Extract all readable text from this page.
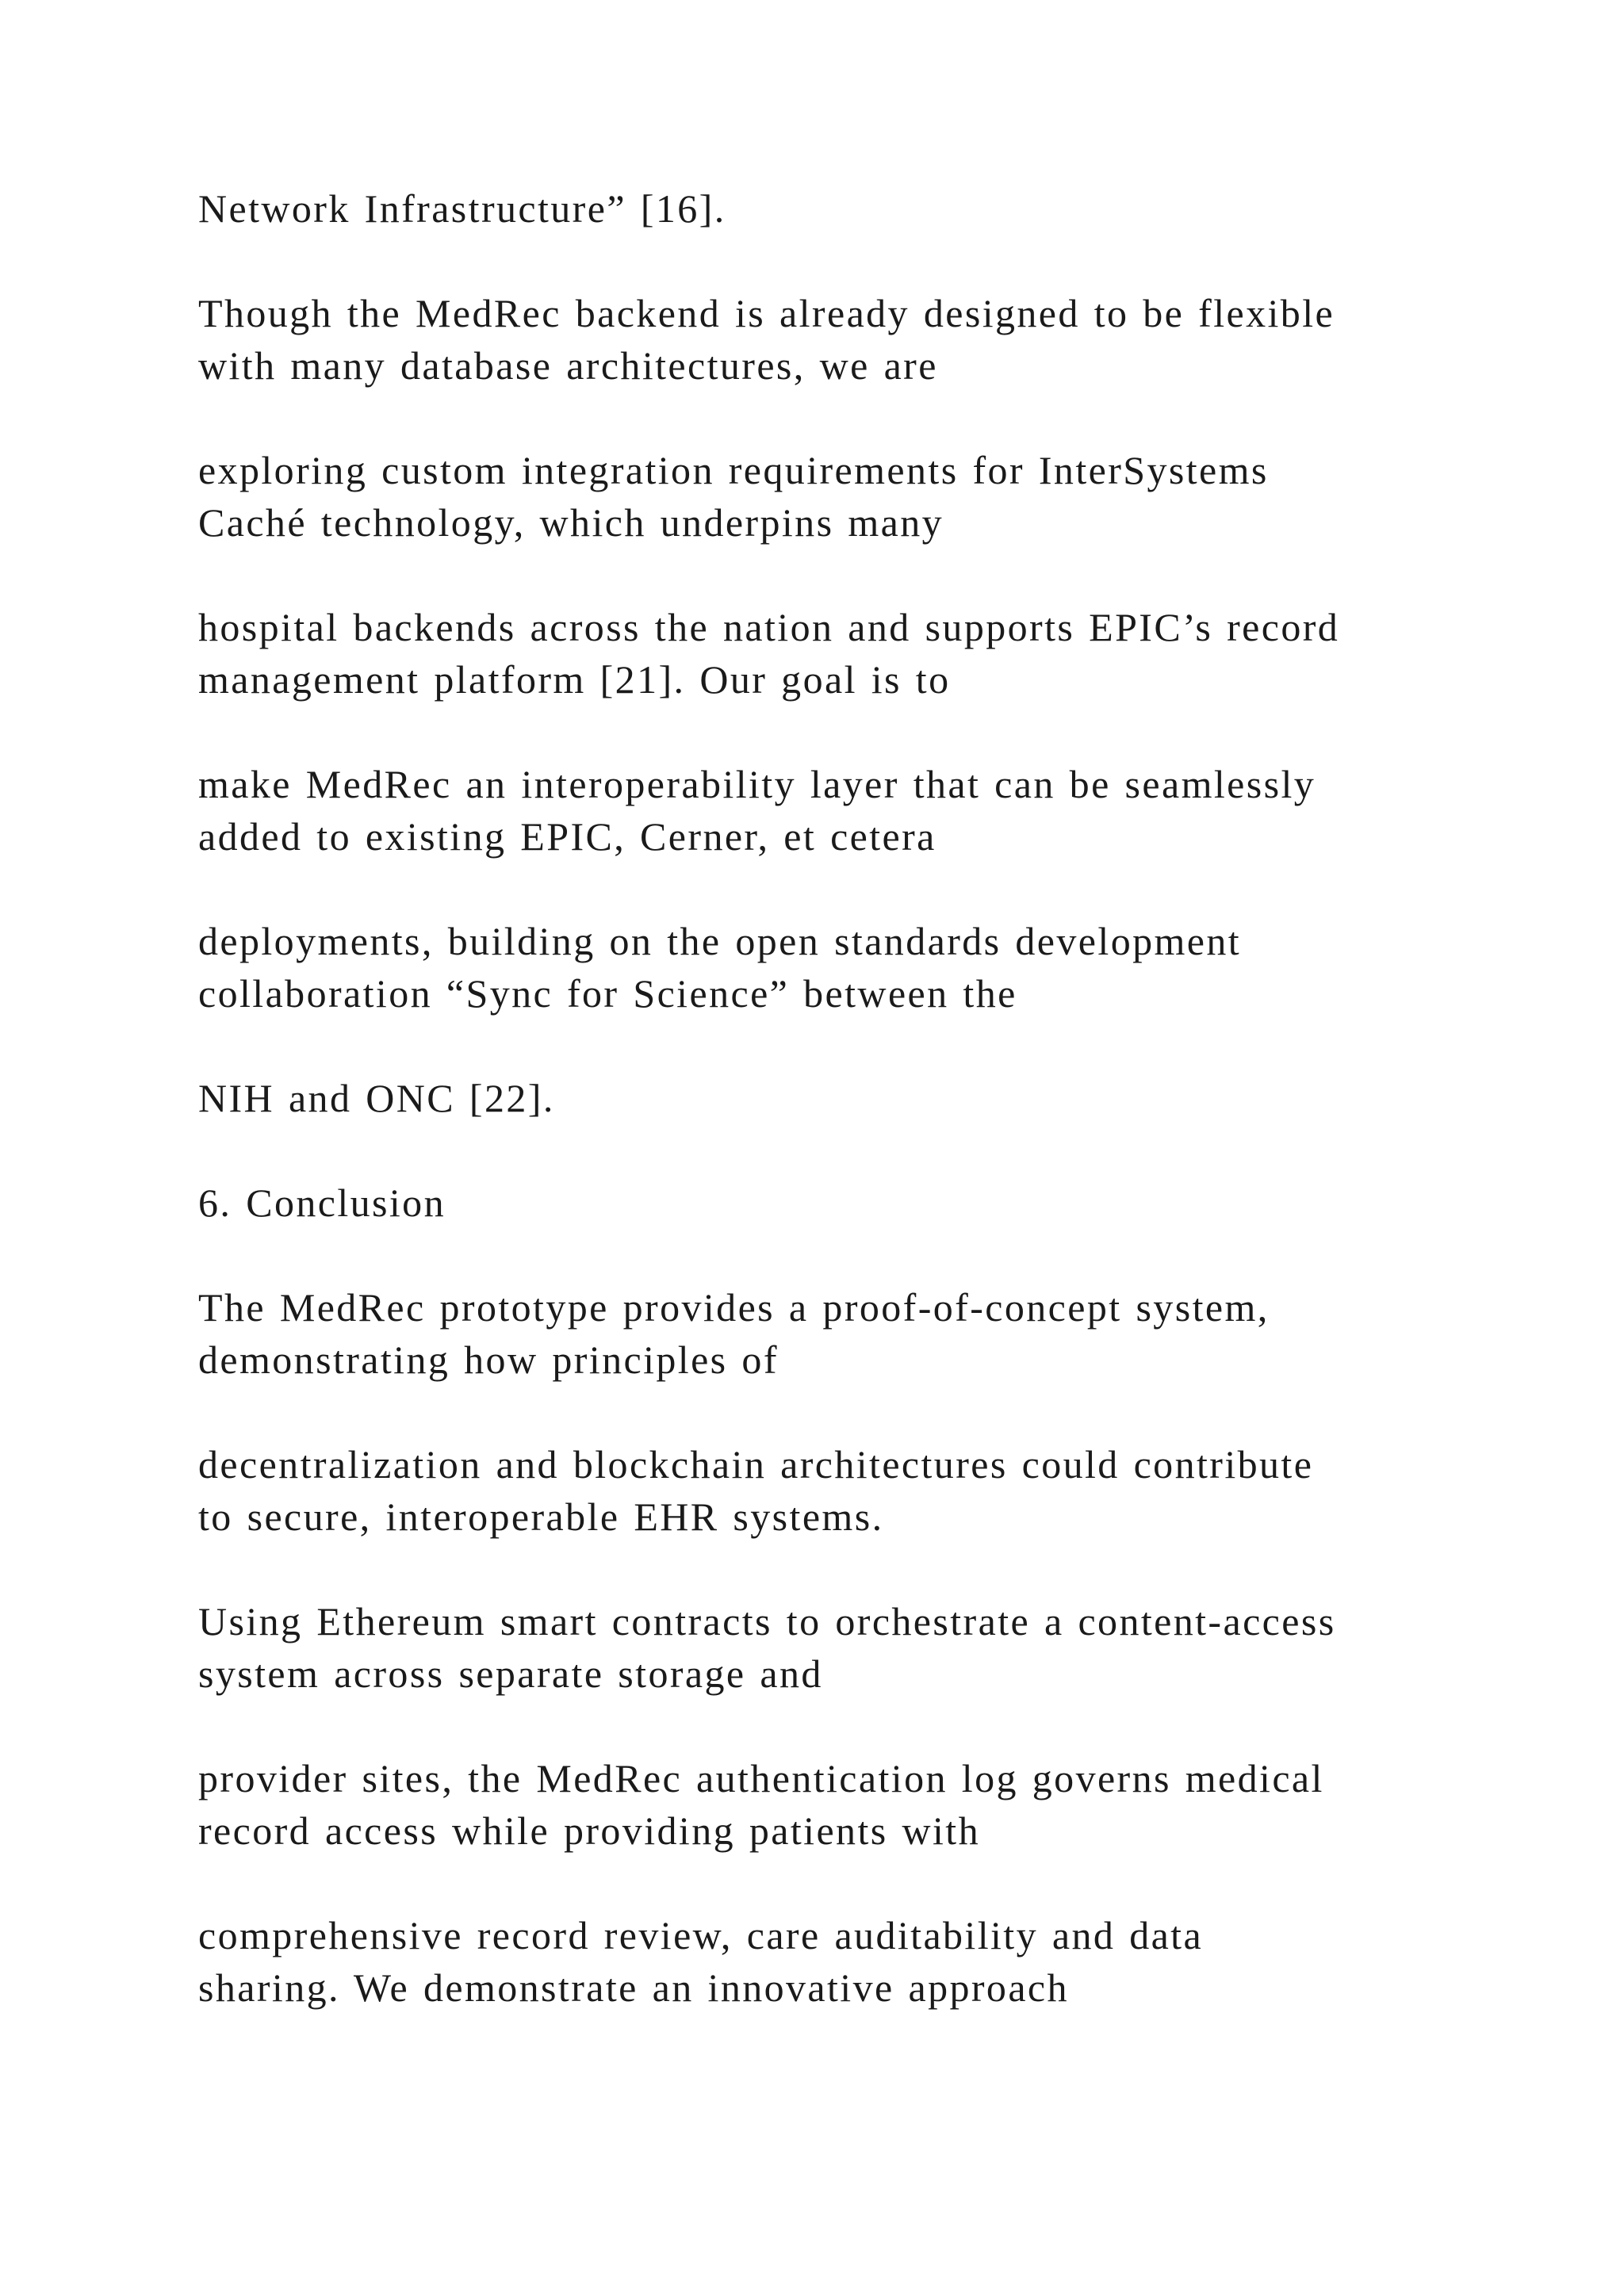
Network Infrastructure” [16].

Though the MedRec backend is already designed to be flexible
with many database architectures, we are

exploring custom integration requirements for InterSystems
Caché technology, which underpins many

hospital backends across the nation and supports EPIC’s record
management platform [21]. Our goal is to

make MedRec an interoperability layer that can be seamlessly
added to existing EPIC, Cerner, et cetera

deployments, building on the open standards development
collaboration “Sync for Science” between the

NIH and ONC [22].

6. Conclusion

The MedRec prototype provides a proof-of-concept system,
demonstrating how principles of

decentralization and blockchain architectures could contribute
to secure, interoperable EHR systems.

Using Ethereum smart contracts to orchestrate a content-access
system across separate storage and

provider sites, the MedRec authentication log governs medical
record access while providing patients with

comprehensive record review, care auditability and data
sharing. We demonstrate an innovative approach
